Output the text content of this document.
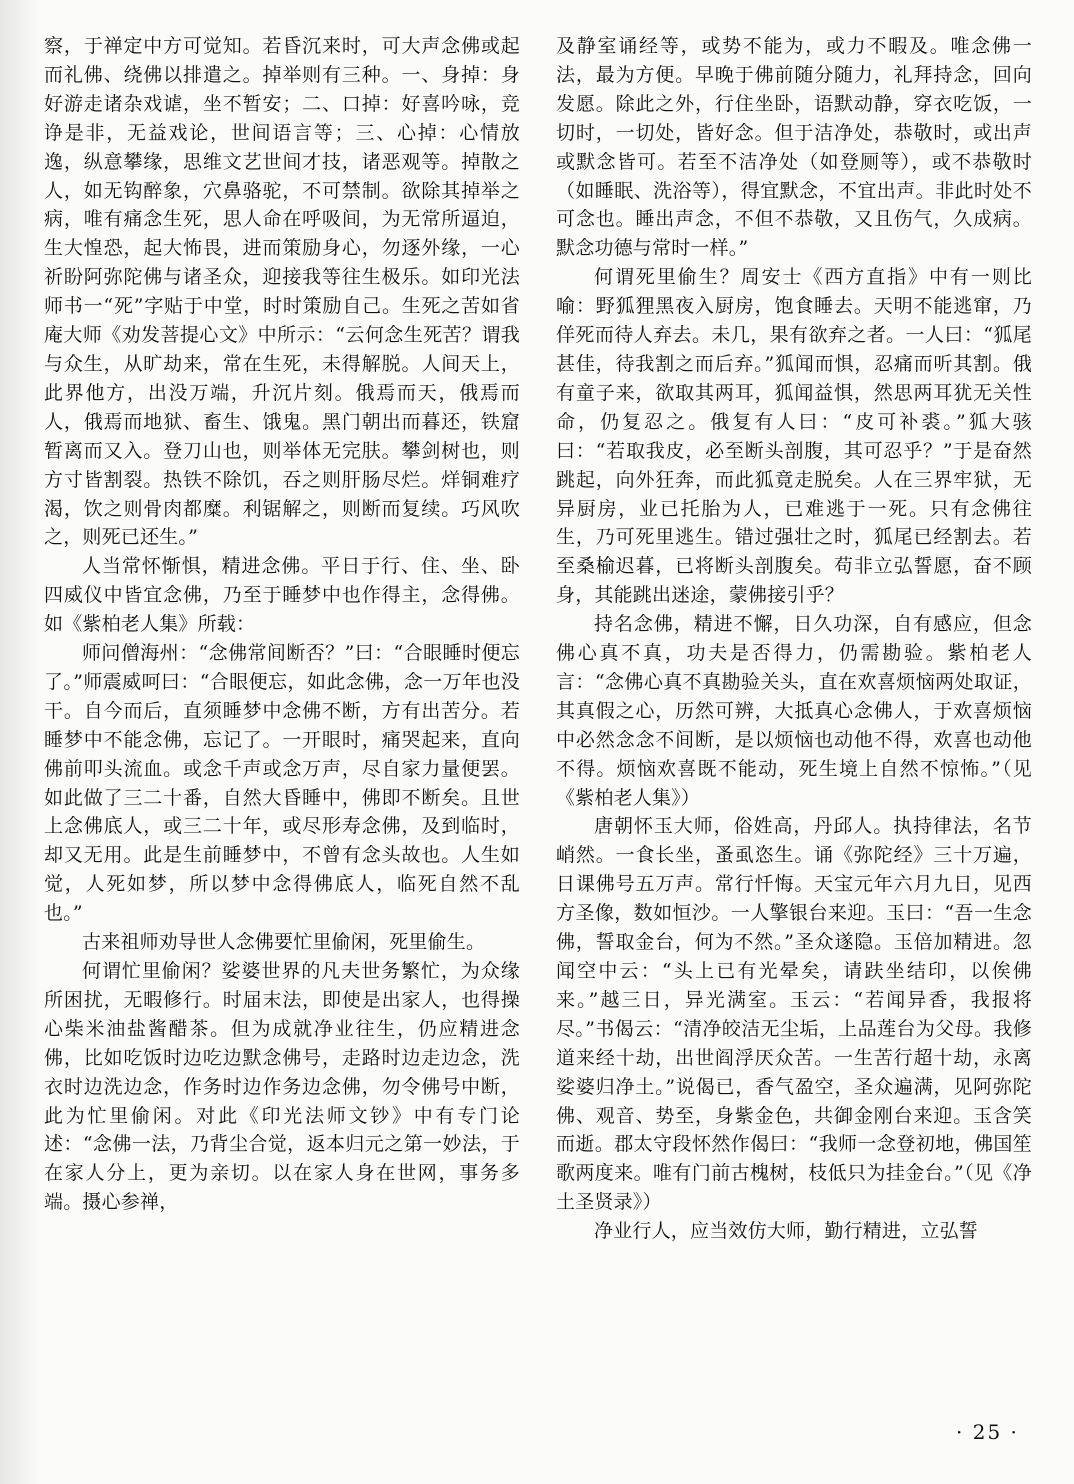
察，于禅定中方可觉知。若昏沉来时，可大声念佛或起而礼佛、绕佛以排遣之。掉举则有三种。一、身掉：身好游走诸杂戏谑，坐不暂安；二、口掉：好喜吟咏，竞诤是非，无益戏论，世间语言等；三、心掉：心情放逸，纵意攀缘，思维文艺世间才技，诸恶观等。掉散之人，如无钩醉象，穴鼻骆驼，不可禁制。欲除其掉举之病，唯有痛念生死，思人命在呼吸间，为无常所逼迫，生大惶恐，起大怖畏，进而策励身心，勿逐外缘，一心祈盼阿弥陀佛与诸圣众，迎接我等往生极乐。如印光法师书一“死”字贴于中堂，时时策励自己。生死之苦如省庵大师《劝发菩提心文》中所示：“云何念生死苦？谓我与众生，从旷劫来，常在生死，未得解脱。人间天上，此界他方，出没万端，升沉片刻。俄焉而天，俄焉而人，俄焉而地狱、畜生、饿鬼。黑门朝出而暮还，铁窟暂离而又入。登刀山也，则举体无完肤。攀剑树也，则方寸皆割裂。热铁不除饥，吞之则肝肠尽烂。烊铜难疗渴，饮之则骨肉都糜。利锯解之，则断而复续。巧风吹之，则死已还生。”

人当常怀惭惧，精进念佛。平日于行、住、坐、卧四威仪中皆宜念佛，乃至于睡梦中也作得主，念得佛。如《紫柏老人集》所载：

师问僧海州：“念佛常间断否？”曰：“合眼睡时便忘了。”师震威呵曰：“合眼便忘，如此念佛，念一万年也没干。自今而后，直须睡梦中念佛不断，方有出苦分。若睡梦中不能念佛，忘记了。一开眼时，痛哭起来，直向佛前叩头流血。或念千声或念万声，尽自家力量便罢。如此做了三二十番，自然大昏睡中，佛即不断矣。且世上念佛底人，或三二十年，或尽形寿念佛，及到临时，却又无用。此是生前睡梦中，不曾有念头故也。人生如觉，人死如梦，所以梦中念得佛底人，临死自然不乱也。”

古来祖师劝导世人念佛要忙里偷闲，死里偷生。

何谓忙里偷闲？娑婆世界的凡夫世务繁忙，为众缘所困扰，无暇修行。时届末法，即使是出家人，也得操心柴米油盐酱醋茶。但为成就净业往生，仍应精进念佛，比如吃饭时边吃边默念佛号，走路时边走边念，洗衣时边洗边念，作务时边作务边念佛，勿令佛号中断，此为忙里偷闲。对此《印光法师文钞》中有专门论述：“念佛一法，乃背尘合觉，返本归元之第一妙法，于在家人分上，更为亲切。以在家人身在世网，事务多端。摄心参禅，

及静室诵经等，或势不能为，或力不暇及。唯念佛一法，最为方便。早晚于佛前随分随力，礼拜持念，回向发愿。除此之外，行住坐卧，语默动静，穿衣吃饭，一切时，一切处，皆好念。但于洁净处，恭敬时，或出声或默念皆可。若至不洁净处（如登厕等），或不恭敬时（如睡眠、洗浴等），得宜默念，不宜出声。非此时处不可念也。睡出声念，不但不恭敬，又且伤气，久成病。默念功德与常时一样。”

何谓死里偷生？周安士《西方直指》中有一则比喻：野狐狸黑夜入厨房，饱食睡去。天明不能逃窜，乃佯死而待人弃去。未几，果有欲弃之者。一人曰：“狐尾甚佳，待我割之而后弃。”狐闻而惧，忍痛而听其割。俄有童子来，欲取其两耳，狐闻益惧，然思两耳犹无关性命，仍复忍之。俄复有人曰：“皮可补裘。”狐大骇曰：“若取我皮，必至断头剖腹，其可忍乎？”于是奋然跳起，向外狂奔，而此狐竟走脱矣。人在三界牢狱，无异厨房，业已托胎为人，已难逃于一死。只有念佛往生，乃可死里逃生。错过强壮之时，狐尾已经割去。若至桑榆迟暮，已将断头剖腹矣。苟非立弘誓愿，奋不顾身，其能跳出迷途，蒙佛接引乎？

持名念佛，精进不懈，日久功深，自有感应，但念佛心真不真，功夫是否得力，仍需勘验。紫柏老人言：“念佛心真不真勘验关头，直在欢喜烦恼两处取证，其真假之心，历然可辨，大抵真心念佛人，于欢喜烦恼中必然念念不间断，是以烦恼也动他不得，欢喜也动他不得。烦恼欢喜既不能动，死生境上自然不惊怖。”（见《紫柏老人集》）

唐朝怀玉大师，俗姓高，丹邱人。执持律法，名节峭然。一食长坐，蚤虱恣生。诵《弥陀经》三十万遍，日课佛号五万声。常行忏悔。天宝元年六月九日，见西方圣像，数如恒沙。一人擎银台来迎。玉曰：“吾一生念佛，誓取金台，何为不然。”圣众遂隐。玉倍加精进。忽闻空中云：“头上已有光晕矣，请趺坐结印，以俟佛来。”越三日，异光满室。玉云：“若闻异香，我报将尽。”书偈云：“清净皎洁无尘垢，上品莲台为父母。我修道来经十劫，出世阎浮厌众苦。一生苦行超十劫，永离娑婆归净土。”说偈已，香气盈空，圣众遍满，见阿弥陀佛、观音、势至，身紫金色，共御金刚台来迎。玉含笑而逝。郡太守段怀然作偈曰：“我师一念登初地，佛国笙歌两度来。唯有门前古槐树，枝低只为挂金台。”（见《净土圣贤录》）

净业行人，应当效仿大师，勤行精进，立弘誓

· 25 ·
